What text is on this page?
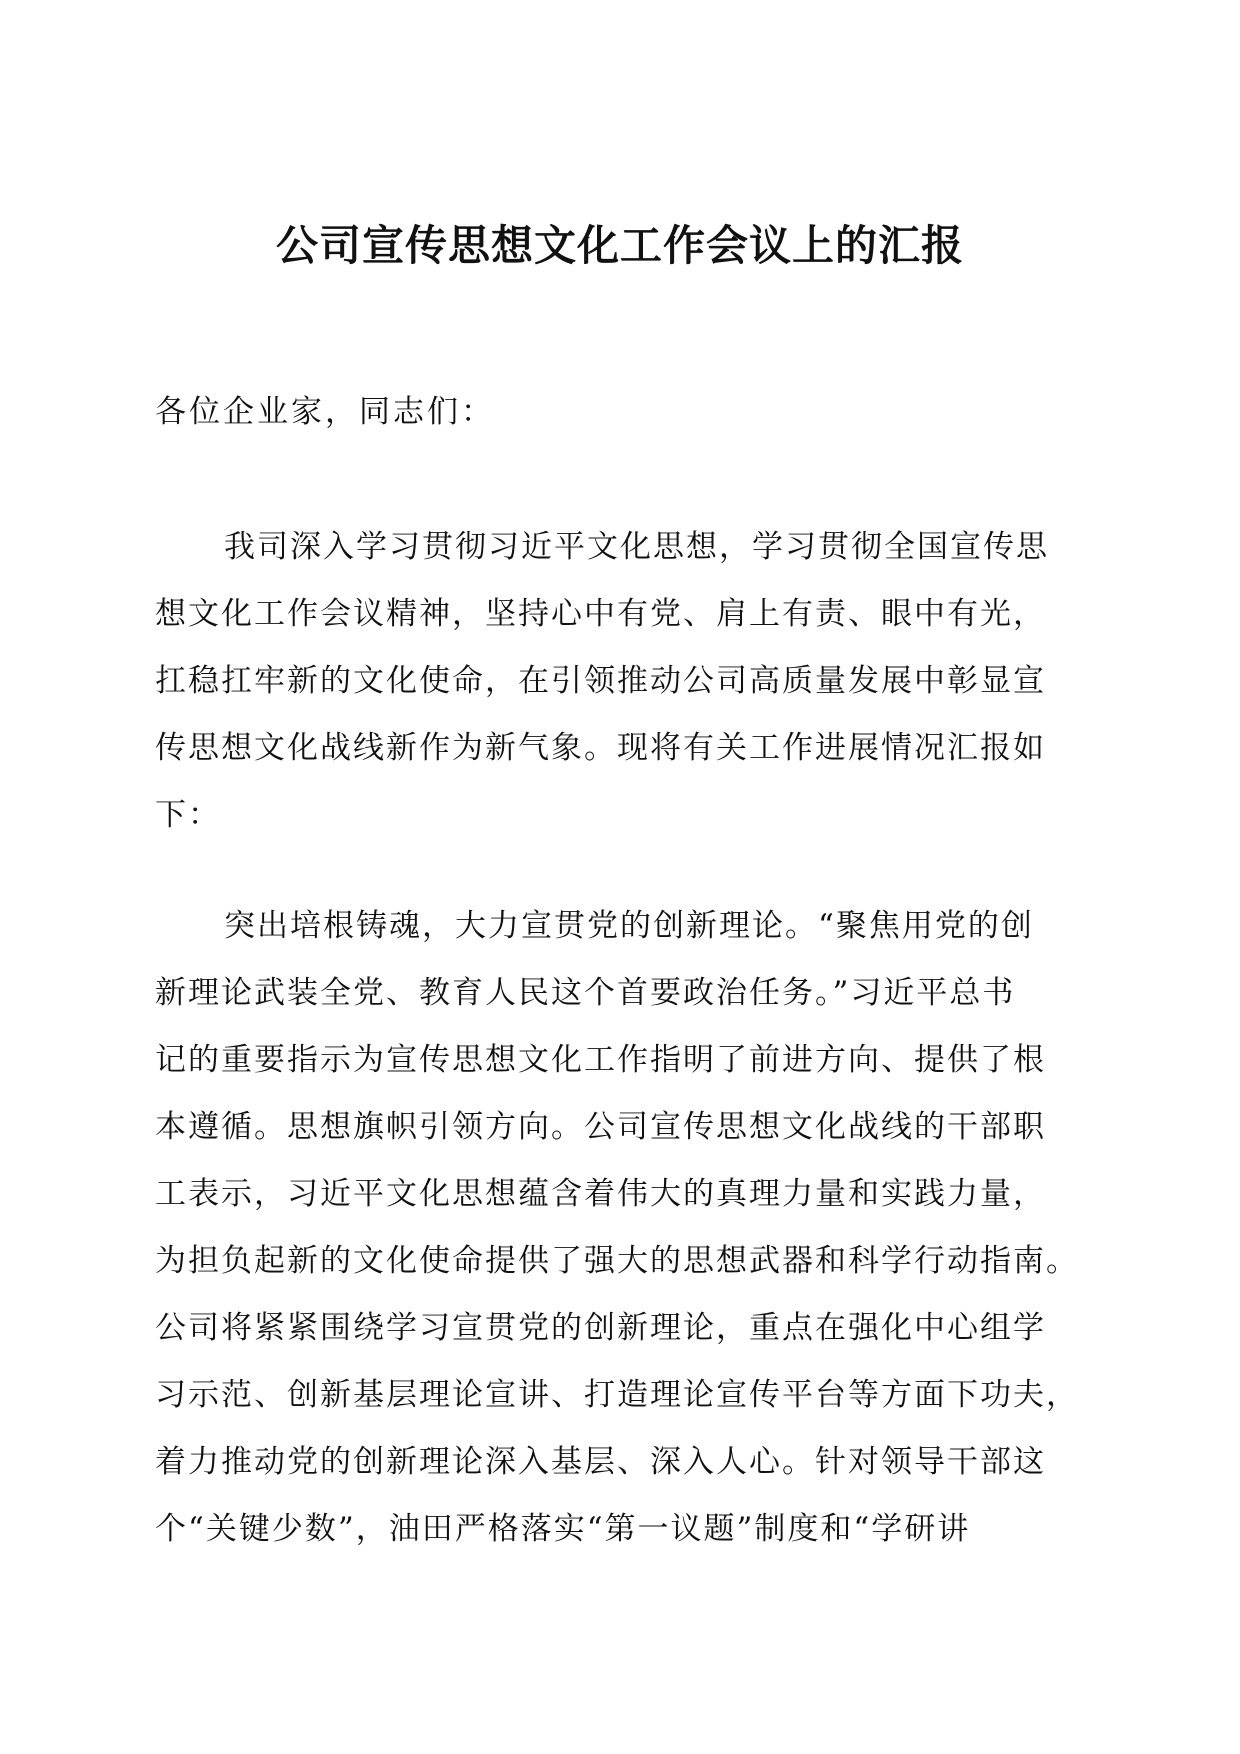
公司宣传思想文化工作会议上的汇报

各位企业家，同志们：

我司深入学习贯彻习近平文化思想，学习贯彻全国宣传思
想文化工作会议精神，坚持心中有党、肩上有责、眼中有光，
扛稳扛牢新的文化使命，在引领推动公司高质量发展中彰显宣
传思想文化战线新作为新气象。现将有关工作进展情况汇报如
下：
突出培根铸魂，大力宣贯党的创新理论。“聚焦用党的创
新理论武装全党、教育人民这个首要政治任务。”习近平总书
记的重要指示为宣传思想文化工作指明了前进方向、提供了根
本遵循。思想旗帜引领方向。公司宣传思想文化战线的干部职
工表示，习近平文化思想蕴含着伟大的真理力量和实践力量，
为担负起新的文化使命提供了强大的思想武器和科学行动指南。
公司将紧紧围绕学习宣贯党的创新理论，重点在强化中心组学
习示范、创新基层理论宣讲、打造理论宣传平台等方面下功夫，
着力推动党的创新理论深入基层、深入人心。针对领导干部这
个“关键少数”，油田严格落实“第一议题”制度和“学研讲
